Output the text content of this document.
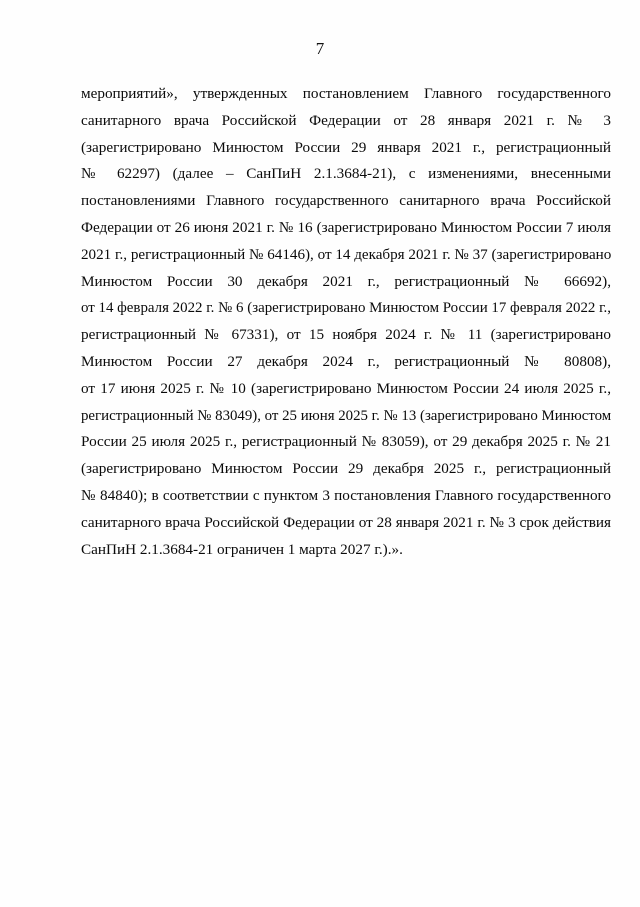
7
мероприятий», утвержденных постановлением Главного государственного
санитарного врача Российской Федерации от 28 января 2021 г. № 3
(зарегистрировано Минюстом России 29 января 2021 г., регистрационный
№ 62297) (далее – СанПиН 2.1.3684-21), с изменениями, внесенными
постановлениями Главного государственного санитарного врача Российской
Федерации от 26 июня 2021 г. № 16 (зарегистрировано Минюстом России 7 июля
2021 г., регистрационный № 64146), от 14 декабря 2021 г. № 37 (зарегистрировано
Минюстом России 30 декабря 2021 г., регистрационный № 66692),
от 14 февраля 2022 г. № 6 (зарегистрировано Минюстом России 17 февраля 2022 г.,
регистрационный № 67331), от 15 ноября 2024 г. № 11 (зарегистрировано
Минюстом России 27 декабря 2024 г., регистрационный № 80808),
от 17 июня 2025 г. № 10 (зарегистрировано Минюстом России 24 июля 2025 г.,
регистрационный № 83049), от 25 июня 2025 г. № 13 (зарегистрировано Минюстом
России 25 июля 2025 г., регистрационный № 83059), от 29 декабря 2025 г. № 21
(зарегистрировано Минюстом России 29 декабря 2025 г., регистрационный
№ 84840); в соответствии с пунктом 3 постановления Главного государственного
санитарного врача Российской Федерации от 28 января 2021 г. № 3 срок действия
СанПиН 2.1.3684-21 ограничен 1 марта 2027 г.).».
